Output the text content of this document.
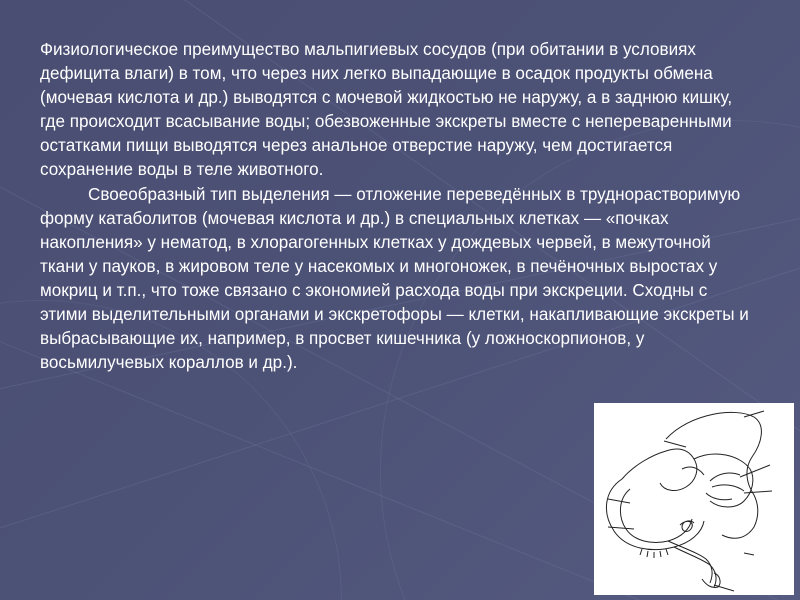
Физиологическое преимущество мальпигиевых сосудов (при обитании в условиях дефицита влаги) в том, что через них легко выпадающие в осадок продукты обмена (мочевая кислота и др.) выводятся с мочевой жидкостью не наружу, а в заднюю кишку, где происходит всасывание воды; обезвоженные экскреты вместе с непереваренными остатками пищи выводятся через анальное отверстие наружу, чем достигается сохранение воды в теле животного.

Своеобразный тип выделения — отложение переведённых в труднорастворимую форму катаболитов (мочевая кислота и др.) в специальных клетках — «почках накопления» у нематод, в хлорагогенных клетках у дождевых червей, в межуточной ткани у пауков, в жировом теле у насекомых и многоножек, в печёночных выростах у мокриц и т.п., что тоже связано с экономией расхода воды при экскреции. Сходны с этими выделительными органами и экскретофоры — клетки, накапливающие экскреты и выбрасывающие их, например, в просвет кишечника (у ложноскорпионов, у восьмилучевых кораллов и др.).
